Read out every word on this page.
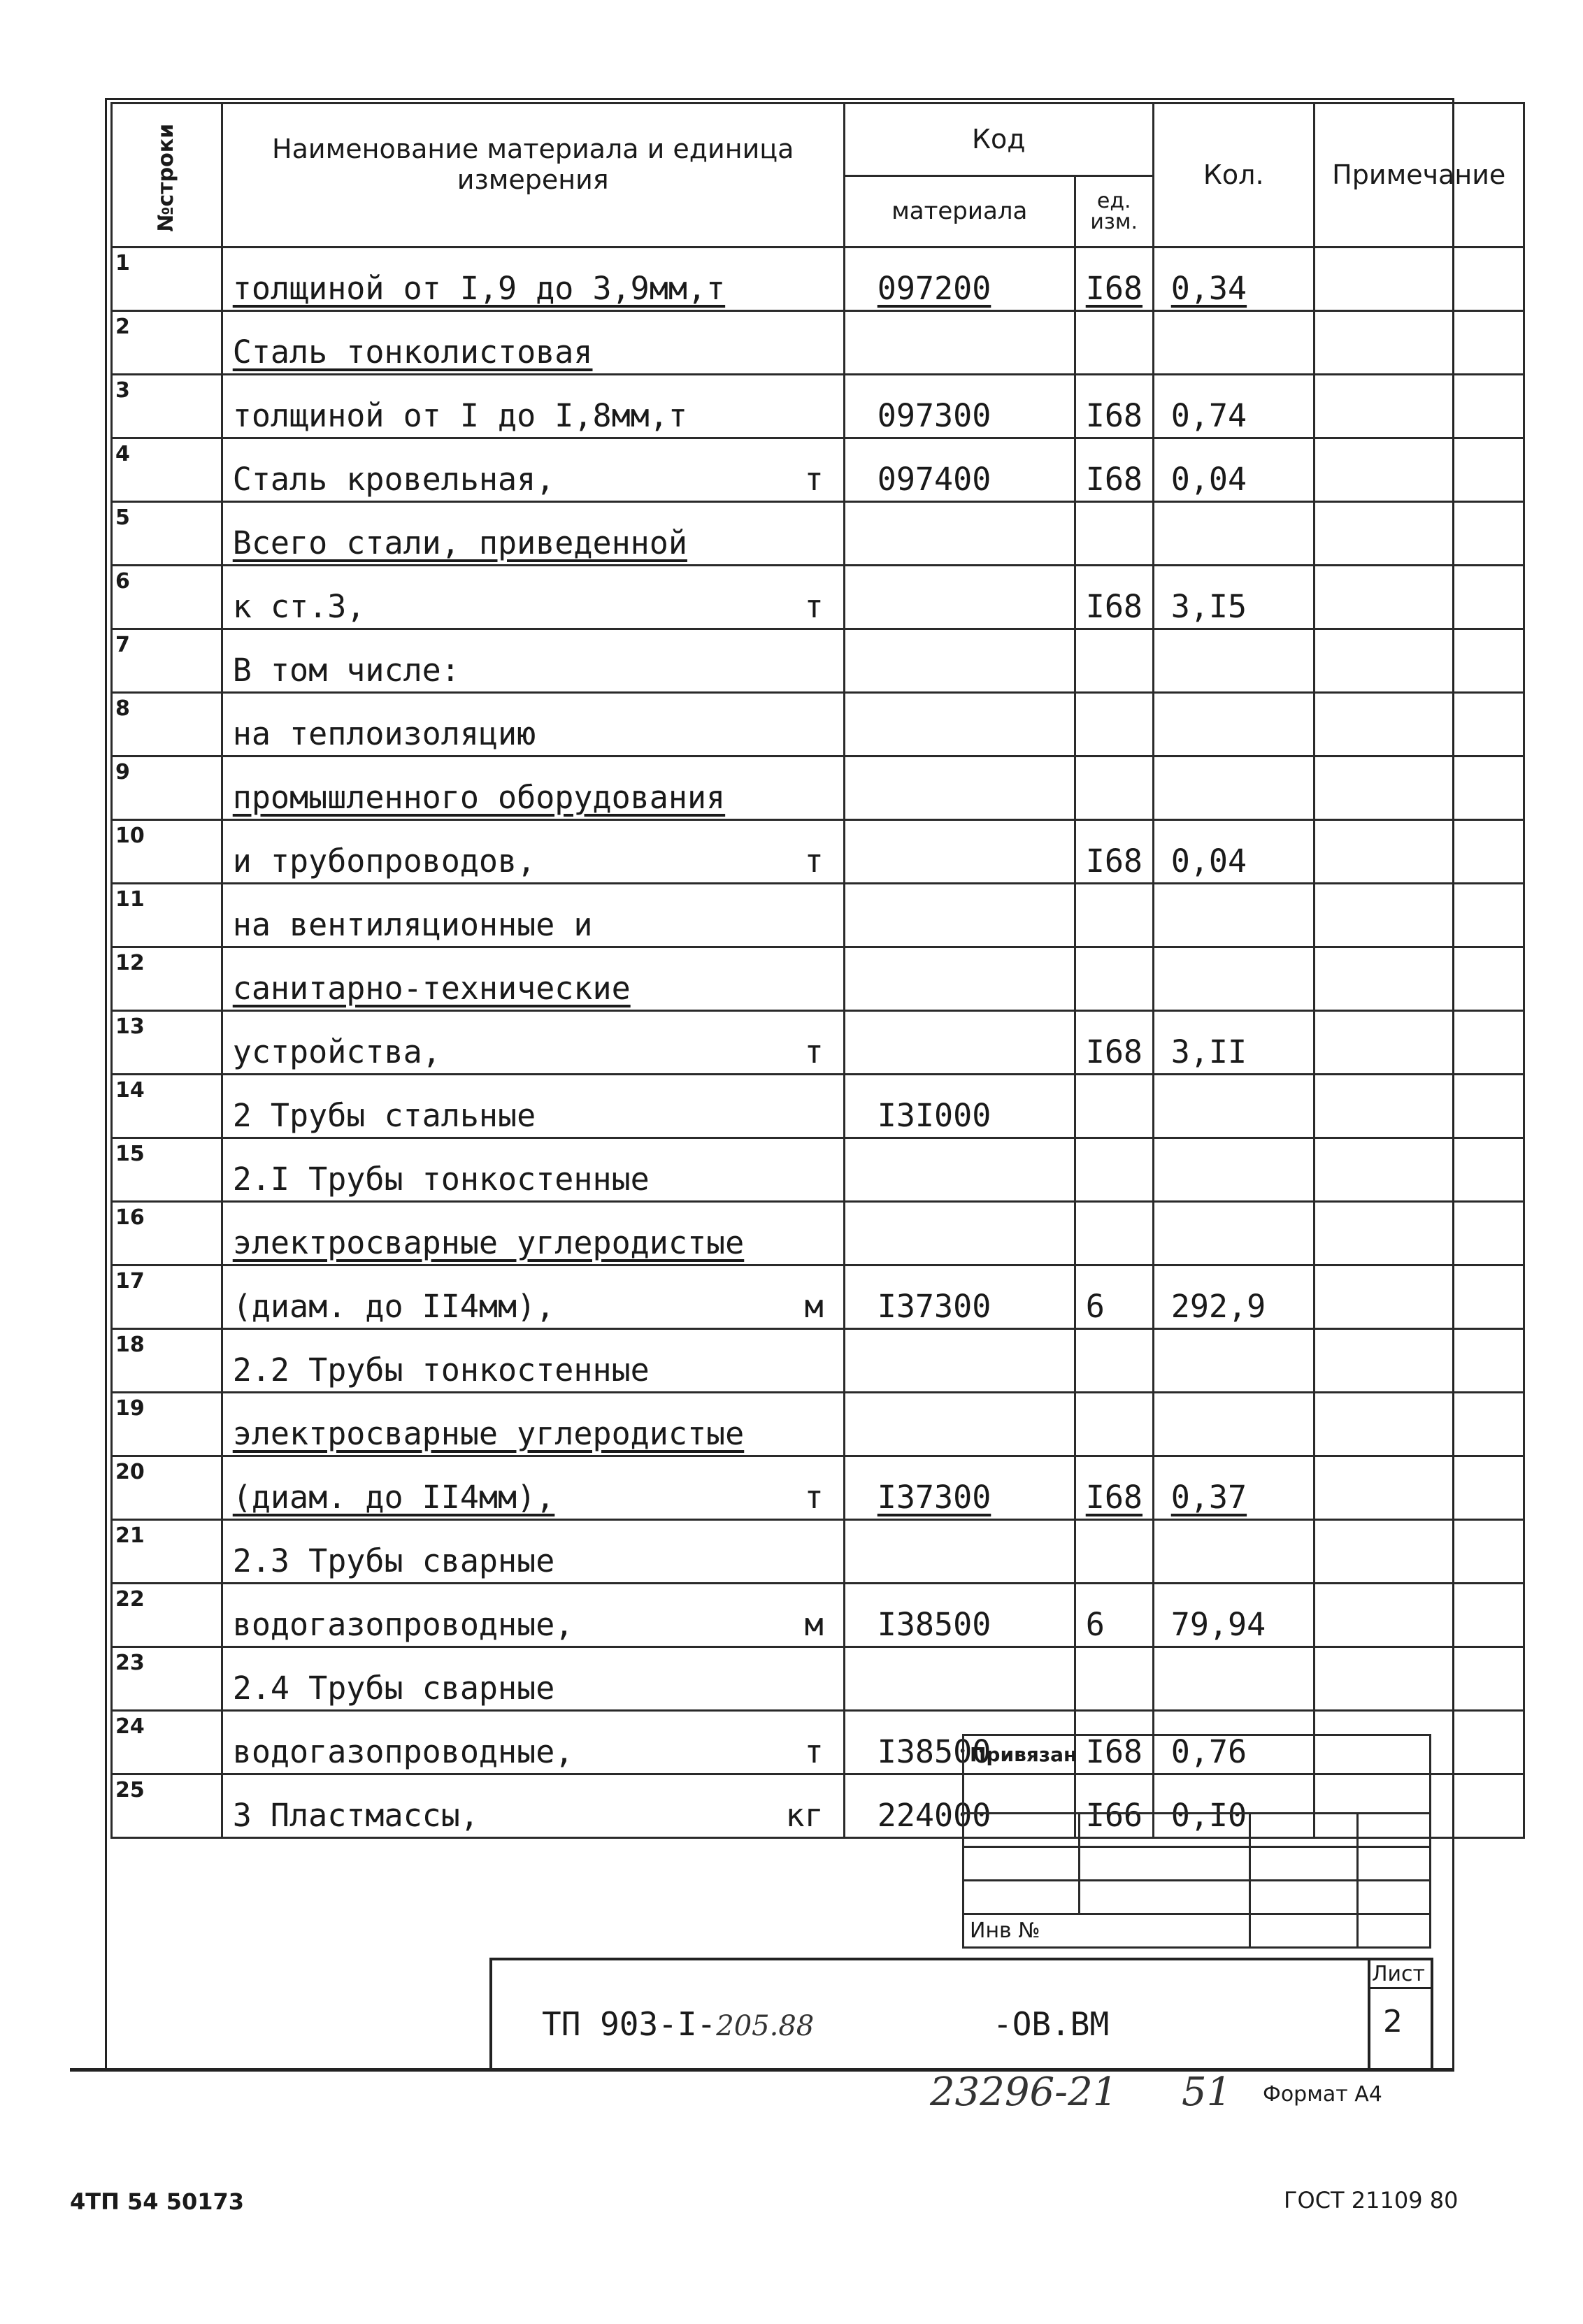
№строки	Наименование материала и единица измерения	Код		Кол.	Примечание
		материала	ед. изм.		
1	толщиной от I,9 до 3,9мм,т	097200	I68	0,34	
2	Сталь тонколистовая				
3	толщиной от I до I,8мм,т	097300	I68	0,74	
4	Сталь кровельная, т	097400	I68	0,04	
5	Всего стали, приведенной				
6	к ст.3, т		I68	3,I5	
7	В том числе:				
8	на теплоизоляцию				
9	промышленного оборудования				
10	и трубопроводов, т		I68	0,04	
11	на вентиляционные и				
12	санитарно-технические				
13	устройства, т		I68	3,II	
14	2 Трубы стальные	I3I000			
15	2.I Трубы тонкостенные				
16	электросварные углеродистые				
17	(диам. до II4мм), м	I37300	6	292,9	
18	2.2 Трубы тонкостенные				
19	электросварные углеродистые				
20	(диам. до II4мм), т	I37300	I68	0,37	
21	2.3 Трубы сварные				
22	водогазопроводные, м	I38500	6	79,94	
23	2.4 Трубы сварные				
24	водогазопроводные, т	I38500	I68	0,76	
25	3 Пластмассы, кг	224000	I66	0,I0	
Привязан			

Инв №			
ТП 903-I-205.88	-ОВ.ВМ
Лист
2
23296-21 51 Формат А4
4ТП 54 50173	ГОСТ 21109 80
